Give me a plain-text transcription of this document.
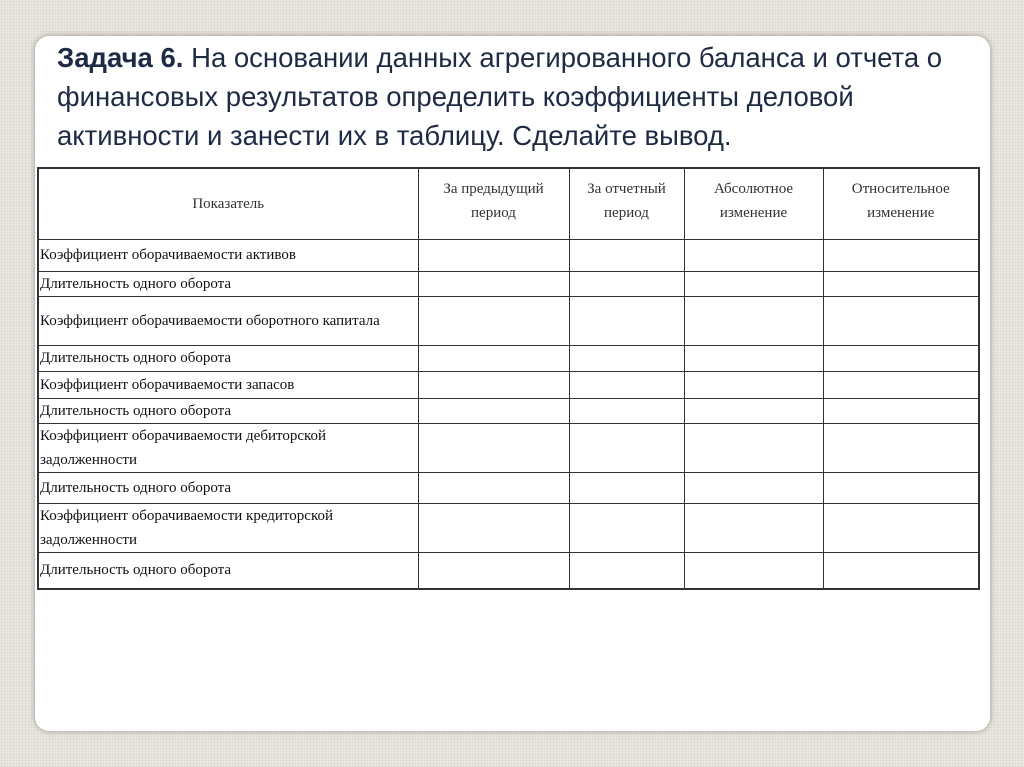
Задача 6. На основании данных агрегированного баланса и отчета о финансовых результатов определить коэффициенты деловой активности и занести их в таблицу. Сделайте вывод.

Показатель	За предыдущий период	За отчетный период	Абсолютное изменение	Относительное изменение
Коэффициент оборачиваемости активов				
Длительность одного оборота				
Коэффициент оборачиваемости оборотного капитала				
Длительность одного оборота				
Коэффициент оборачиваемости запасов				
Длительность одного оборота				
Коэффициент оборачиваемости дебиторской задолженности				
Длительность одного оборота				
Коэффициент оборачиваемости кредиторской задолженности				
Длительность одного оборота				
